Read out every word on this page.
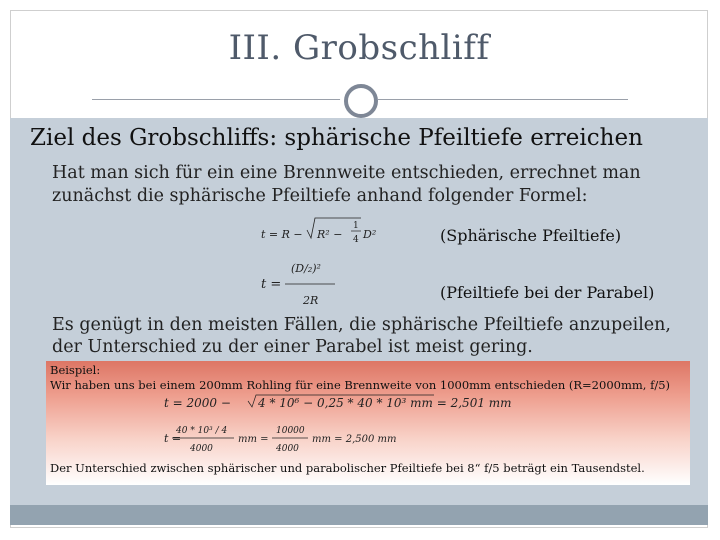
III. Grobschliff
Ziel des Grobschliffs: sphärische Pfeiltiefe erreichen
Hat man sich für ein eine Brennweite entschieden, errechnet man zunächst die sphärische Pfeiltiefe anhand folgender Formel:
t = R − R² −
1
4 D²
(D/₂)²
t =
2R
(Sphärische Pfeiltiefe)
(Pfeiltiefe bei der Parabel)
Es genügt in den meisten Fällen, die sphärische Pfeiltiefe anzupeilen, der Unterschied zu der einer Parabel ist meist gering.
Beispiel:
Wir haben uns bei einem 200mm Rohling für eine Brennweite von 1000mm entschieden (R=2000mm, f/5)
t = 2000 − 4 * 10⁶ − 0,25 * 40 * 10³ mm = 2,501 mm
40 * 10³ / 4
t =
4000
mm =
10000
4000
mm = 2,500 mm
Der Unterschied zwischen sphärischer und parabolischer Pfeiltiefe bei 8“ f/5 beträgt ein Tausendstel.
